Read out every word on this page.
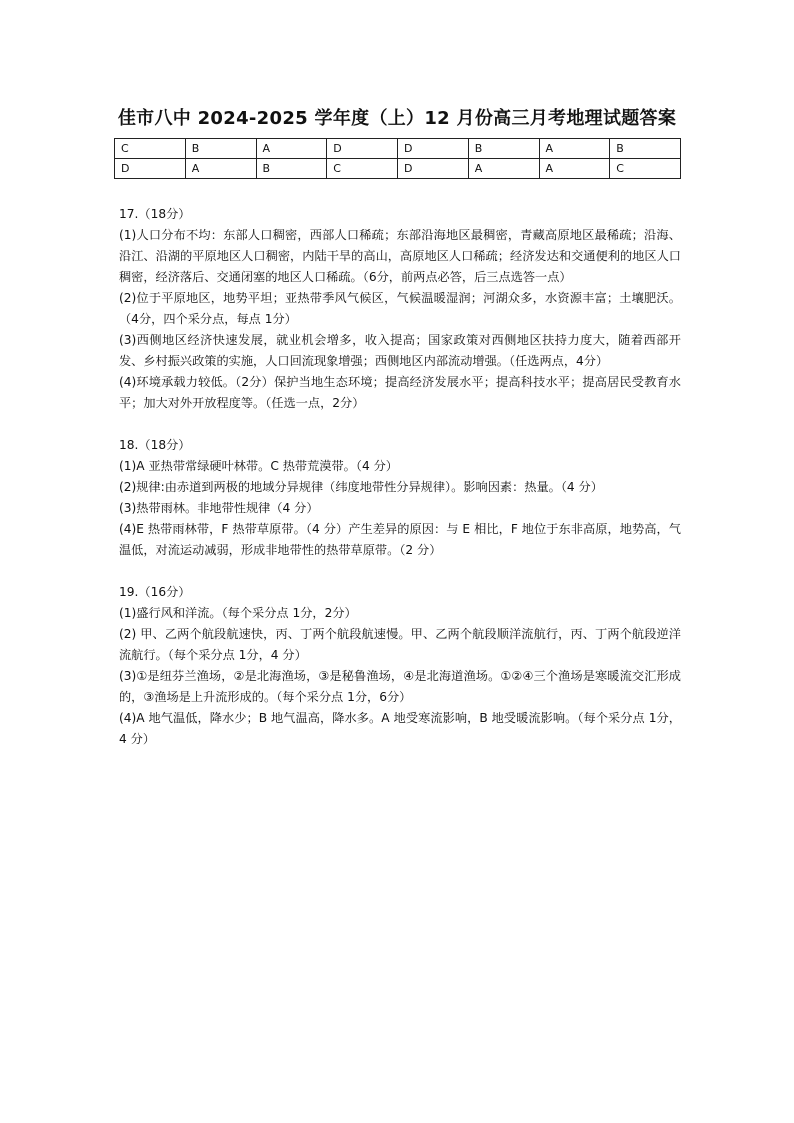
佳市八中 2024-2025 学年度（上）12 月份高三月考地理试题答案
C	B	A	D	D	B	A	B
D	A	B	C	D	A	A	C

17.（18分）

(1)人口分布不均：东部人口稠密，西部人口稀疏；东部沿海地区最稠密，青藏高原地区最稀疏；沿海、沿江、沿湖的平原地区人口稠密，内陆干旱的高山，高原地区人口稀疏；经济发达和交通便利的地区人口稠密，经济落后、交通闭塞的地区人口稀疏。（6分，前两点必答，后三点选答一点）

(2)位于平原地区，地势平坦；亚热带季风气候区，气候温暖湿润；河湖众多，水资源丰富；土壤肥沃。（4分，四个采分点，每点 1分）

(3)西侧地区经济快速发展，就业机会增多，收入提高；国家政策对西侧地区扶持力度大，随着西部开发、乡村振兴政策的实施，人口回流现象增强；西侧地区内部流动增强。（任选两点，4分）

(4)环境承载力较低。（2分）保护当地生态环境；提高经济发展水平；提高科技水平；提高居民受教育水平；加大对外开放程度等。（任选一点，2分）

18.（18分）

(1)A 亚热带常绿硬叶林带。C 热带荒漠带。（4 分）

(2)规律:由赤道到两极的地域分异规律（纬度地带性分异规律）。影响因素：热量。（4 分）

(3)热带雨林。非地带性规律（4 分）

(4)E 热带雨林带，F 热带草原带。（4 分）产生差异的原因：与 E 相比，F 地位于东非高原，地势高，气温低，对流运动减弱，形成非地带性的热带草原带。（2 分）

19.（16分）

(1)盛行风和洋流。（每个采分点 1分，2分）

(2) 甲、乙两个航段航速快，丙、丁两个航段航速慢。甲、乙两个航段顺洋流航行，丙、丁两个航段逆洋流航行。（每个采分点 1分，4 分）

(3)①是纽芬兰渔场，②是北海渔场，③是秘鲁渔场，④是北海道渔场。①②④三个渔场是寒暖流交汇形成的，③渔场是上升流形成的。（每个采分点 1分，6分）

(4)A 地气温低，降水少；B 地气温高，降水多。A 地受寒流影响，B 地受暖流影响。（每个采分点 1分，4 分）
